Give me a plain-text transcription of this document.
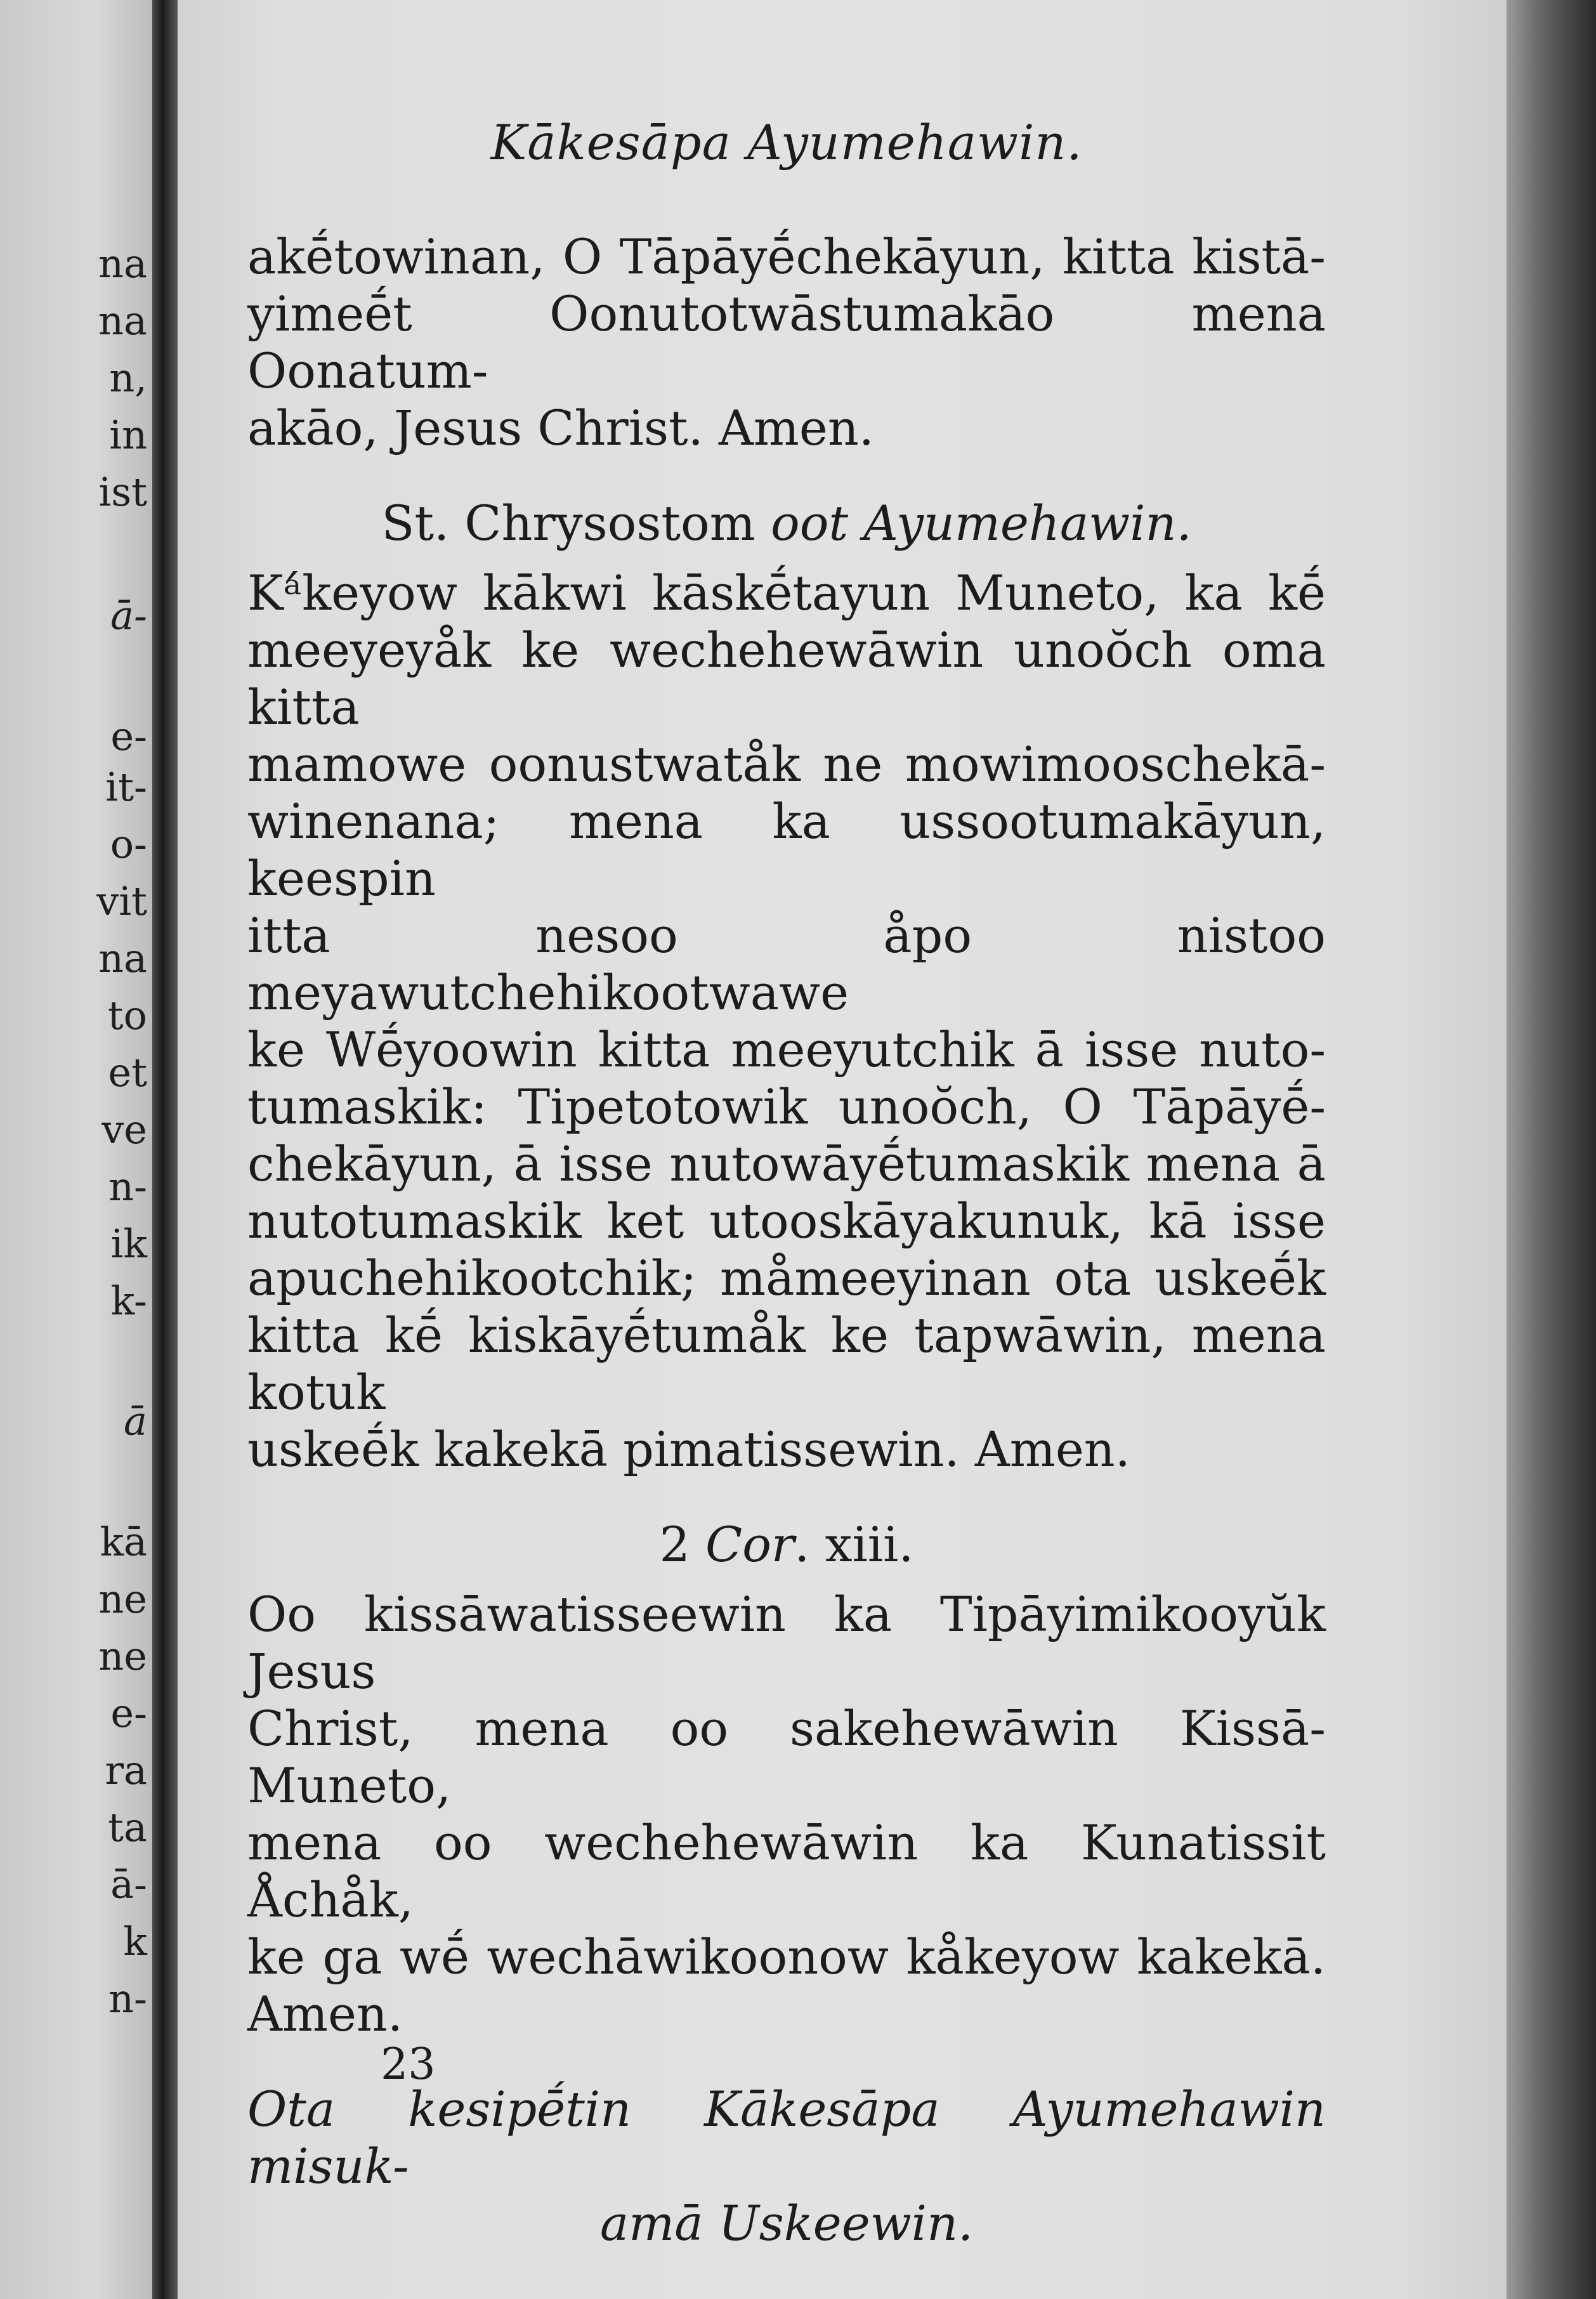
na
na
n,
in
ist
ā-
e-
it-
o-
vit
na
to
et
ve
n-
ik
k-
ā
kā
ne
ne
e-
ra
ta
ā-
k
n-
Kākesāpa Ayumehawin.

akḗtowinan, O Tāpāyḗchekāyun, kitta kistā-
yimeḗt Oonutotwāstumakāo mena Oonatum-
akāo, Jesus Christ. Amen.

St. Chrysostom oot Ayumehawin.

Kᵃ́keyow kākwi kāskḗtayun Muneto, ka kḗ
meeyeyåk ke wechehewāwin unoŏch oma kitta
mamowe oonustwatåk ne mowimooschekā-
winenana; mena ka ussootumakāyun, keespin
itta nesoo åpo nistoo meyawutchehikootwawe
ke Wḗyoowin kitta meeyutchik ā isse nuto-
tumaskik: Tipetotowik unoŏch, O Tāpāyḗ-
chekāyun, ā isse nutowāyḗtumaskik mena ā
nutotumaskik ket utooskāyakunuk, kā isse
apuchehikootchik; måmeeyinan ota uskeḗk
kitta kḗ kiskāyḗtumåk ke tapwāwin, mena kotuk
uskeḗk kakekā pimatissewin. Amen.

2 Cor. xiii.

Oo kissāwatisseewin ka Tipāyimikooyŭk Jesus
Christ, mena oo sakehewāwin Kissā-Muneto,
mena oo wechehewāwin ka Kunatissit Åchåk,
ke ga wḗ wechāwikoonow kåkeyow kakekā.
Amen.

Ota kesipḗtin Kākesāpa Ayumehawin misuk-
amā Uskeewin.

23
